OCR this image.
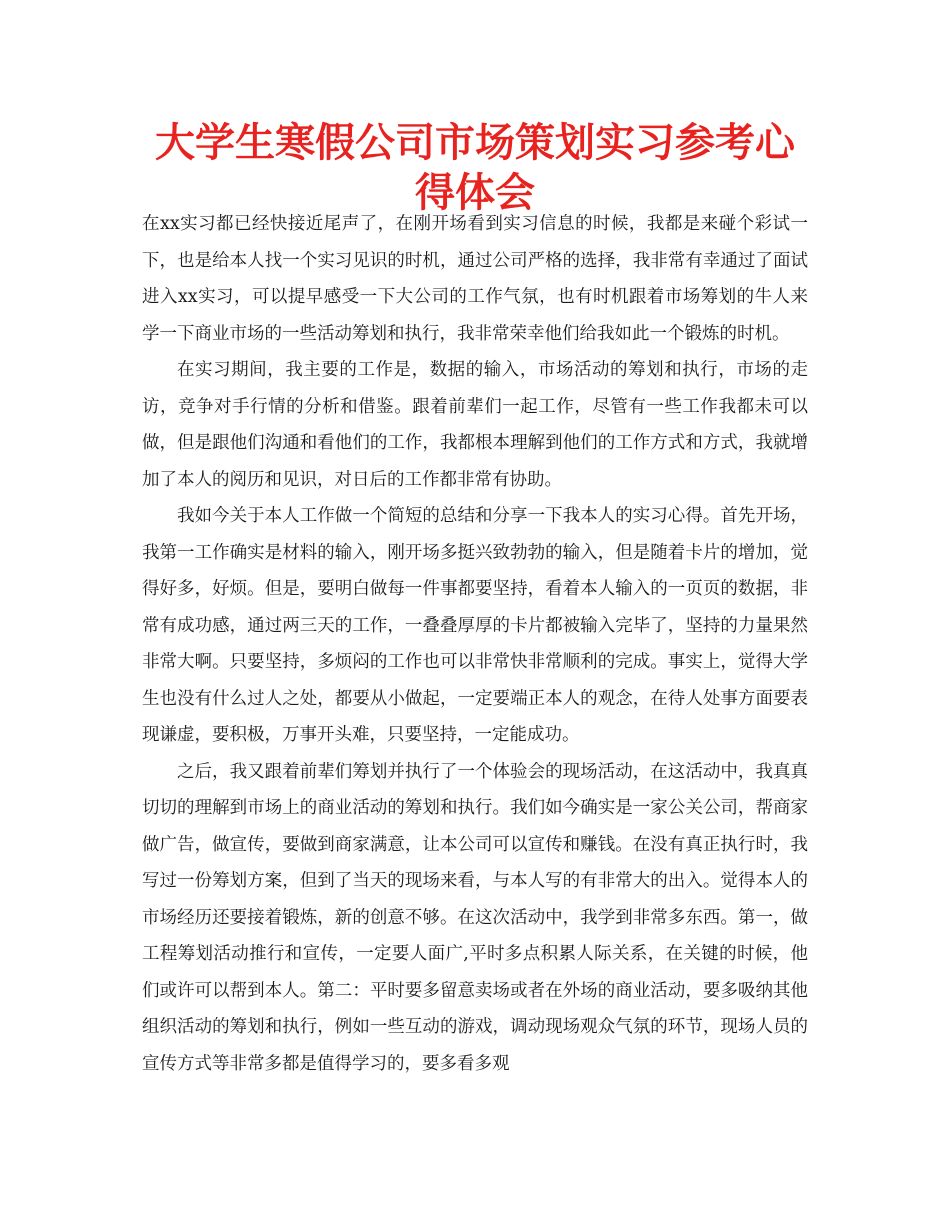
大学生寒假公司市场策划实习参考心得体会

在xx实习都已经快接近尾声了，在刚开场看到实习信息的时候，我都是来碰个彩试一下，也是给本人找一个实习见识的时机，通过公司严格的选择，我非常有幸通过了面试进入xx实习，可以提早感受一下大公司的工作气氛，也有时机跟着市场筹划的牛人来学一下商业市场的一些活动筹划和执行，我非常荣幸他们给我如此一个锻炼的时机。

在实习期间，我主要的工作是，数据的输入，市场活动的筹划和执行，市场的走访，竞争对手行情的分析和借鉴。跟着前辈们一起工作，尽管有一些工作我都未可以做，但是跟他们沟通和看他们的工作，我都根本理解到他们的工作方式和方式，我就增加了本人的阅历和见识，对日后的工作都非常有协助。

我如今关于本人工作做一个简短的总结和分享一下我本人的实习心得。首先开场，我第一工作确实是材料的输入，刚开场多挺兴致勃勃的输入，但是随着卡片的增加，觉得好多，好烦。但是，要明白做每一件事都要坚持，看着本人输入的一页页的数据，非常有成功感，通过两三天的工作，一叠叠厚厚的卡片都被输入完毕了，坚持的力量果然非常大啊。只要坚持，多烦闷的工作也可以非常快非常顺利的完成。事实上，觉得大学生也没有什么过人之处，都要从小做起，一定要端正本人的观念，在待人处事方面要表现谦虚，要积极，万事开头难，只要坚持，一定能成功。

之后，我又跟着前辈们筹划并执行了一个体验会的现场活动，在这活动中，我真真切切的理解到市场上的商业活动的筹划和执行。我们如今确实是一家公关公司，帮商家做广告，做宣传，要做到商家满意，让本公司可以宣传和赚钱。在没有真正执行时，我写过一份筹划方案，但到了当天的现场来看，与本人写的有非常大的出入。觉得本人的市场经历还要接着锻炼，新的创意不够。在这次活动中，我学到非常多东西。第一，做工程筹划活动推行和宣传，一定要人面广,平时多点积累人际关系，在关键的时候，他们或许可以帮到本人。第二：平时要多留意卖场或者在外场的商业活动，要多吸纳其他组织活动的筹划和执行，例如一些互动的游戏，调动现场观众气氛的环节，现场人员的宣传方式等非常多都是值得学习的，要多看多观
